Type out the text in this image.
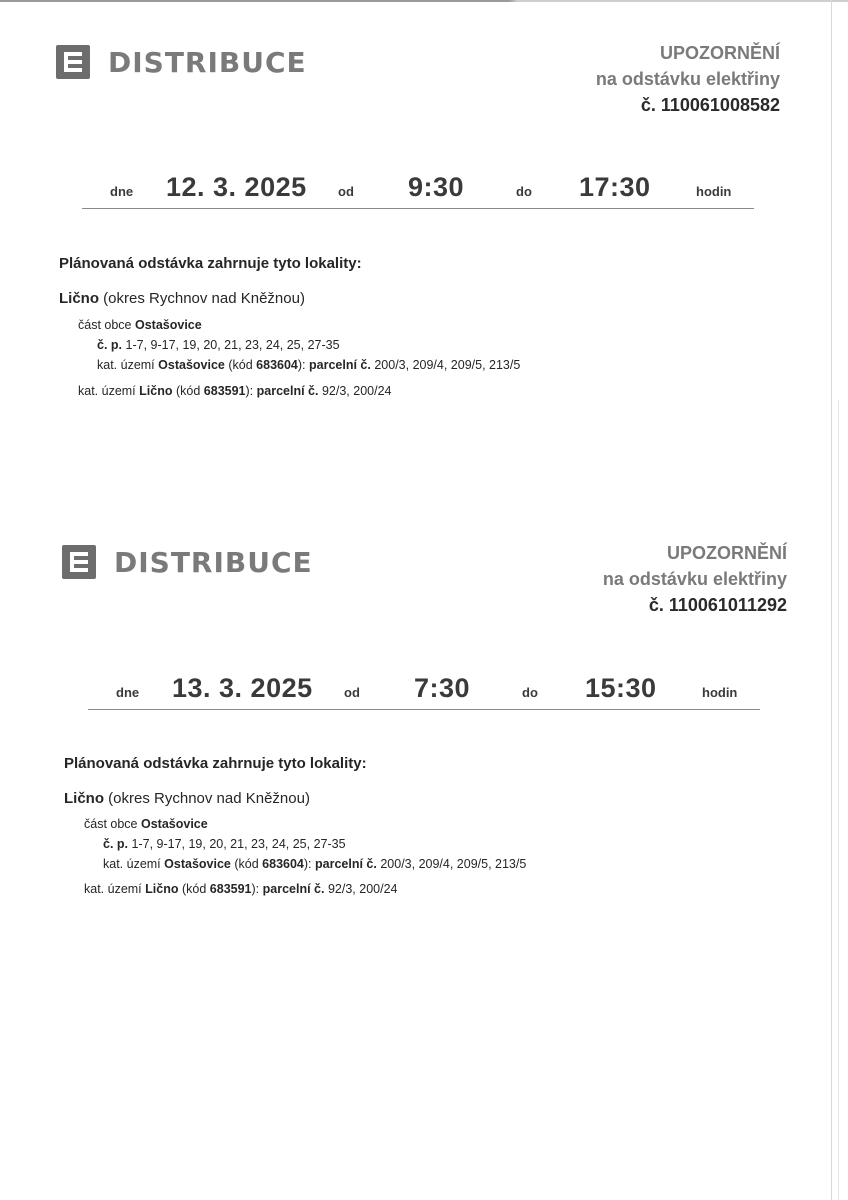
DISTRIBUCE	UPOZORNĚNÍ
na odstávku elektřiny
č. 110061008582
dne 12. 3. 2025 od 9:30	do 17:30	hodin
Plánovaná odstávka zahrnuje tyto lokality:
Lično (okres Rychnov nad Kněžnou)
část obce Ostašovice
č. p. 1-7, 9-17, 19, 20, 21, 23, 24, 25, 27-35
kat. území Ostašovice (kód 683604): parcelní č. 200/3, 209/4, 209/5, 213/5
kat. území Lično (kód 683591): parcelní č. 92/3, 200/24
DISTRIBUCE	UPOZORNĚNÍ
na odstávku elektřiny
č. 110061011292
dne 13. 3. 2025 od 7:30	do 15:30	hodin
Plánovaná odstávka zahrnuje tyto lokality:
Lično (okres Rychnov nad Kněžnou)
část obce Ostašovice
č. p. 1-7, 9-17, 19, 20, 21, 23, 24, 25, 27-35
kat. území Ostašovice (kód 683604): parcelní č. 200/3, 209/4, 209/5, 213/5
kat. území Lično (kód 683591): parcelní č. 92/3, 200/24
